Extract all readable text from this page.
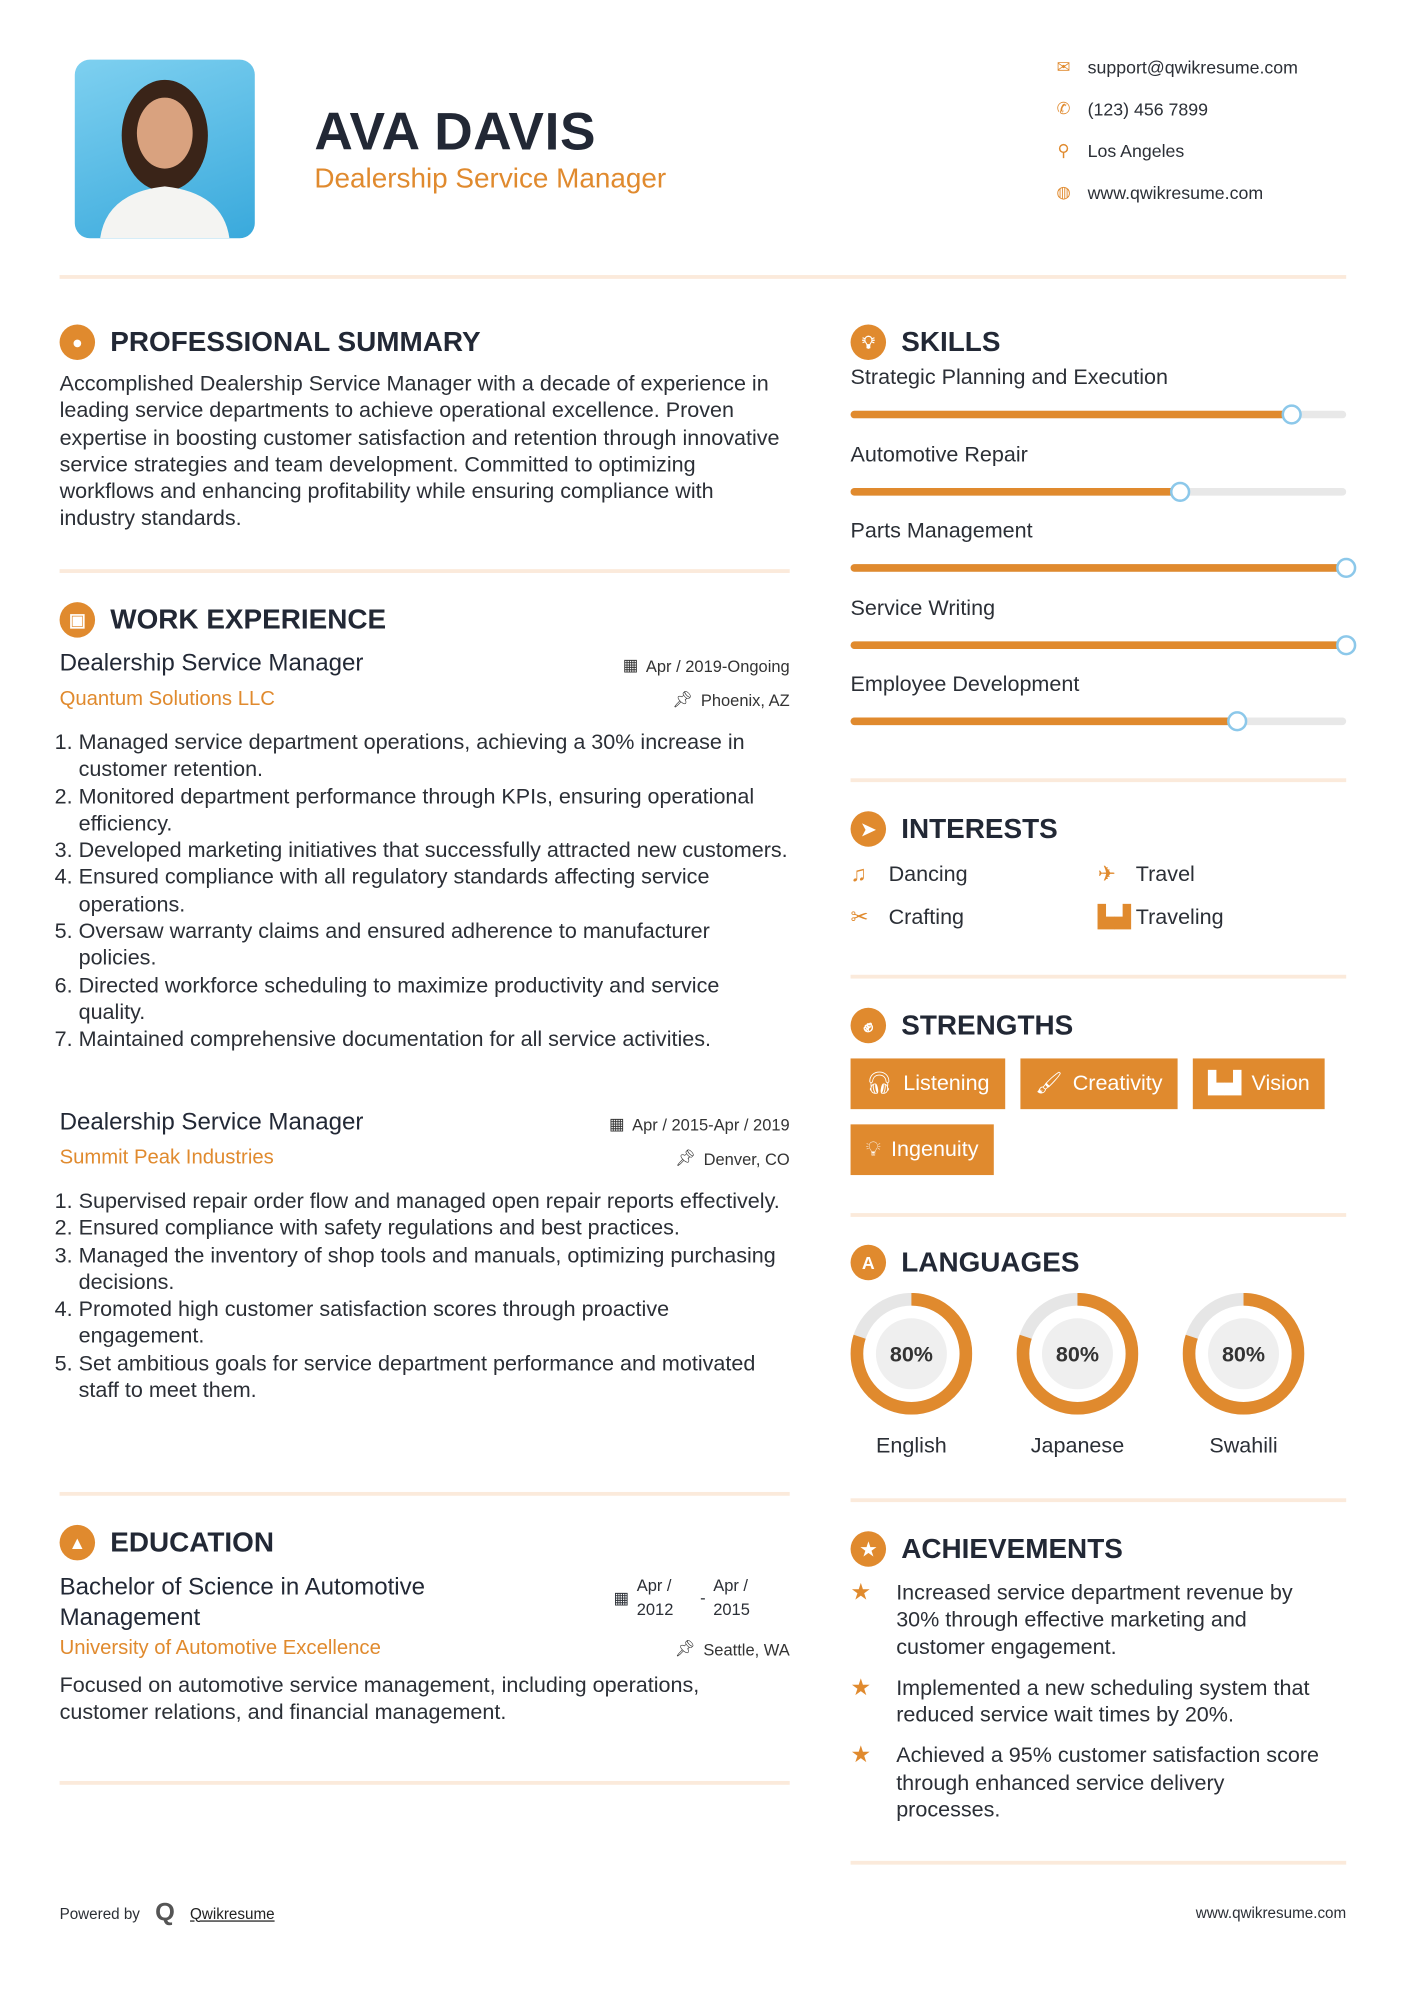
AVA DAVIS
Dealership Service Manager
✉ support@qwikresume.com
✆ (123) 456 7899
⚲ Los Angeles
◍ www.qwikresume.com
●	PROFESSIONAL SUMMARY

Accomplished Dealership Service Manager with a decade of experience in leading service departments to achieve operational excellence. Proven expertise in boosting customer satisfaction and retention through innovative service strategies and team development. Committed to optimizing workflows and enhancing profitability while ensuring compliance with industry standards.

▣	WORK EXPERIENCE
Dealership Service Manager	▦ Apr / 2019-Ongoing
Quantum Solutions LLC	📌︎ Phoenix, AZ
1. Managed service department operations, achieving a 30% increase in customer retention.
2. Monitored department performance through KPIs, ensuring operational efficiency.
3. Developed marketing initiatives that successfully attracted new customers.
4. Ensured compliance with all regulatory standards affecting service operations.
5. Oversaw warranty claims and ensured adherence to manufacturer policies.
6. Directed workforce scheduling to maximize productivity and service quality.
7. Maintained comprehensive documentation for all service activities.
Dealership Service Manager	▦ Apr / 2015-Apr / 2019
Summit Peak Industries	📌︎ Denver, CO
1. Supervised repair order flow and managed open repair reports effectively.
2. Ensured compliance with safety regulations and best practices.
3. Managed the inventory of shop tools and manuals, optimizing purchasing decisions.
4. Promoted high customer satisfaction scores through proactive engagement.
5. Set ambitious goals for service department performance and motivated staff to meet them.
▲	EDUCATION
Bachelor of Science in Automotive Management
▦
Apr / 2012
-
Apr / 2015
University of Automotive Excellence	📌︎ Seattle, WA

Focused on automotive service management, including operations, customer relations, and financial management.

💡︎	SKILLS
Strategic Planning and Execution
Automotive Repair
Parts Management
Service Writing
Employee Development
➤	INTERESTS
♫	Dancing	✈	Travel
✂	Crafting	▙▟ Traveling
✊︎	STRENGTHS
🎧︎ Listening	🖌︎ Creativity	▙▟ Vision
💡︎ Ingenuity
A	LANGUAGES
80%
English
80%
Japanese
80%
Swahili
★	ACHIEVEMENTS
★	Increased service department revenue by 30% through effective marketing and customer engagement.
★	Implemented a new scheduling system that reduced service wait times by 20%.
★	Achieved a 95% customer satisfaction score through enhanced service delivery processes.
Powered by Q Qwikresume	www.qwikresume.com
